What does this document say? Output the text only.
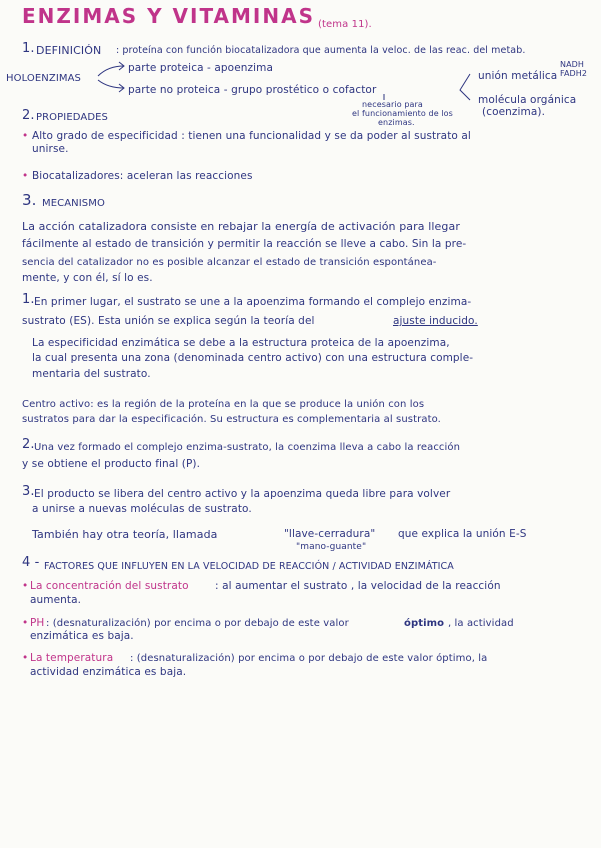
ENZIMAS Y VITAMINAS (tema 11).
1. DEFINICIÓN : proteína con función biocatalizadora que aumenta la veloc. de las reac. del metab.
HOLOENZIMAS
parte proteica - apoenzima
parte no proteica - grupo prostético o cofactor
unión metálica
NADH FADH2
molécula orgánica
(coenzima).
necesario para
el funcionamiento de los
enzimas.
2. PROPIEDADES
• Alto grado de especificidad : tienen una funcionalidad y se da poder al sustrato al
unirse.
• Biocatalizadores: aceleran las reacciones
3. MECANISMO
La acción catalizadora consiste en rebajar la energía de activación para llegar
fácilmente al estado de transición y permitir la reacción se lleve a cabo. Sin la pre-
sencia del catalizador no es posible alcanzar el estado de transición espontánea-
mente, y con él, sí lo es.
1. En primer lugar, el sustrato se une a la apoenzima formando el complejo enzima-
sustrato (ES). Esta unión se explica según la teoría del	ajuste inducido.
La especificidad enzimática se debe a la estructura proteica de la apoenzima,
la cual presenta una zona (denominada centro activo) con una estructura comple-
mentaria del sustrato.
Centro activo: es la región de la proteína en la que se produce la unión con los
sustratos para dar la especificación. Su estructura es complementaria al sustrato.
2. Una vez formado el complejo enzima-sustrato, la coenzima lleva a cabo la reacción
y se obtiene el producto final (P).
3. El producto se libera del centro activo y la apoenzima queda libre para volver
a unirse a nuevas moléculas de sustrato.
También hay otra teoría, llamada	"llave-cerradura" que explica la unión E-S
"mano-guante"
4 - FACTORES QUE INFLUYEN EN LA VELOCIDAD DE REACCIÓN / ACTIVIDAD ENZIMÁTICA
• La concentración del sustrato	: al aumentar el sustrato , la velocidad de la reacción
aumenta.
• PH : (desnaturalización) por encima o por debajo de este valor	óptimo , la actividad
enzimática es baja.
• La temperatura : (desnaturalización) por encima o por debajo de este valor óptimo, la
actividad enzimática es baja.
